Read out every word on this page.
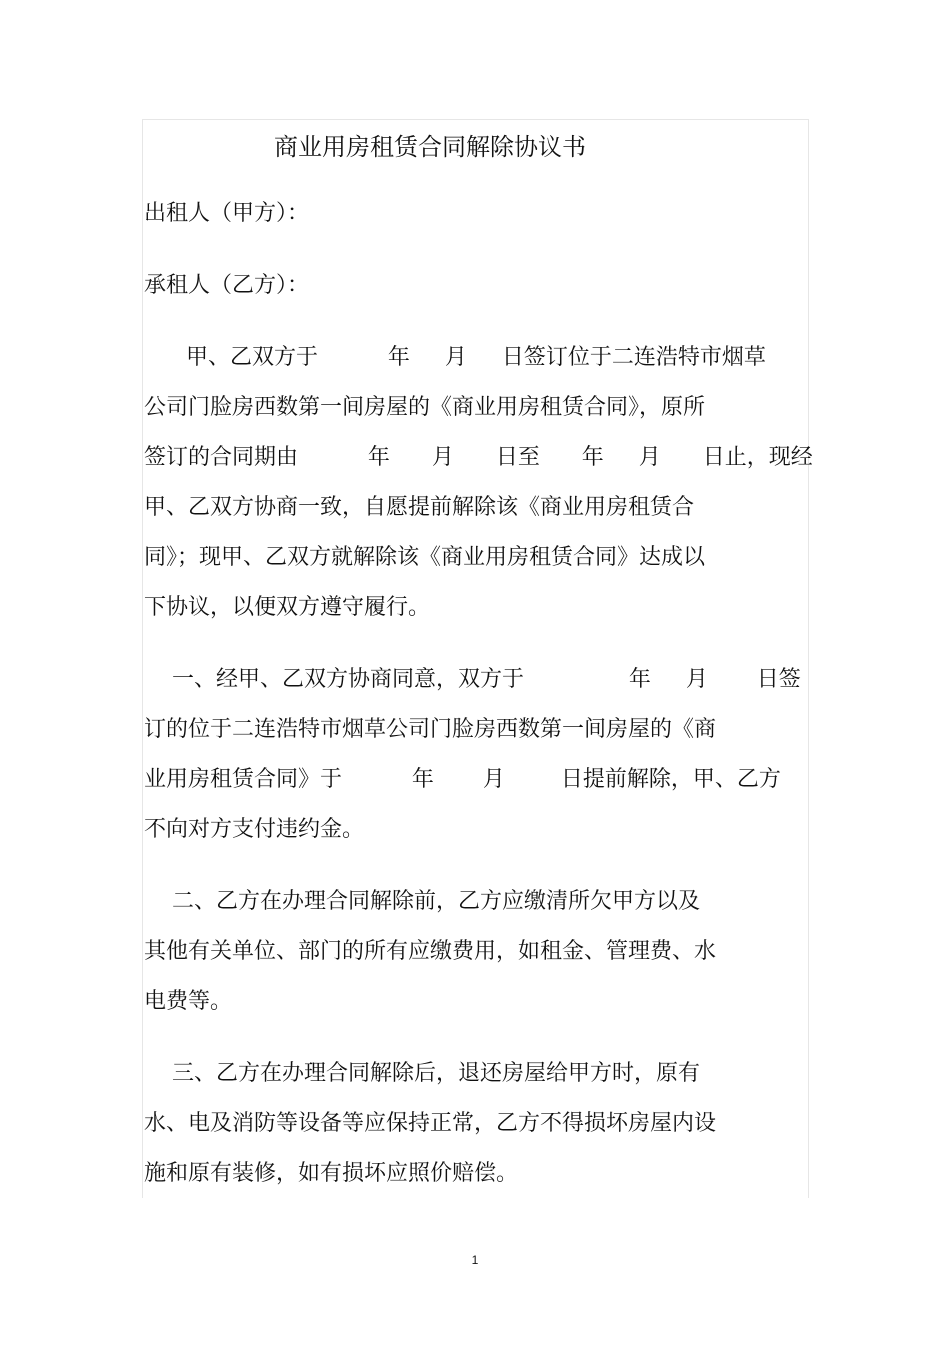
商业用房租赁合同解除协议书

出租人（甲方）：

承租人（乙方）：

甲、乙双方于          年     月     日签订位于二连浩特市烟草

公司门脸房西数第一间房屋的《商业用房租赁合同》，原所

签订的合同期由          年      月      日至      年     月      日止，现经

甲、乙双方协商一致，自愿提前解除该《商业用房租赁合

同》；现甲、乙双方就解除该《商业用房租赁合同》达成以

下协议，以便双方遵守履行。

一、经甲、乙双方协商同意，双方于               年     月       日签

订的位于二连浩特市烟草公司门脸房西数第一间房屋的《商

业用房租赁合同》于          年       月        日提前解除，甲、乙方

不向对方支付违约金。

二、乙方在办理合同解除前，乙方应缴清所欠甲方以及

其他有关单位、部门的所有应缴费用，如租金、管理费、水

电费等。

三、乙方在办理合同解除后，退还房屋给甲方时，原有

水、电及消防等设备等应保持正常，乙方不得损坏房屋内设

施和原有装修，如有损坏应照价赔偿。

1
